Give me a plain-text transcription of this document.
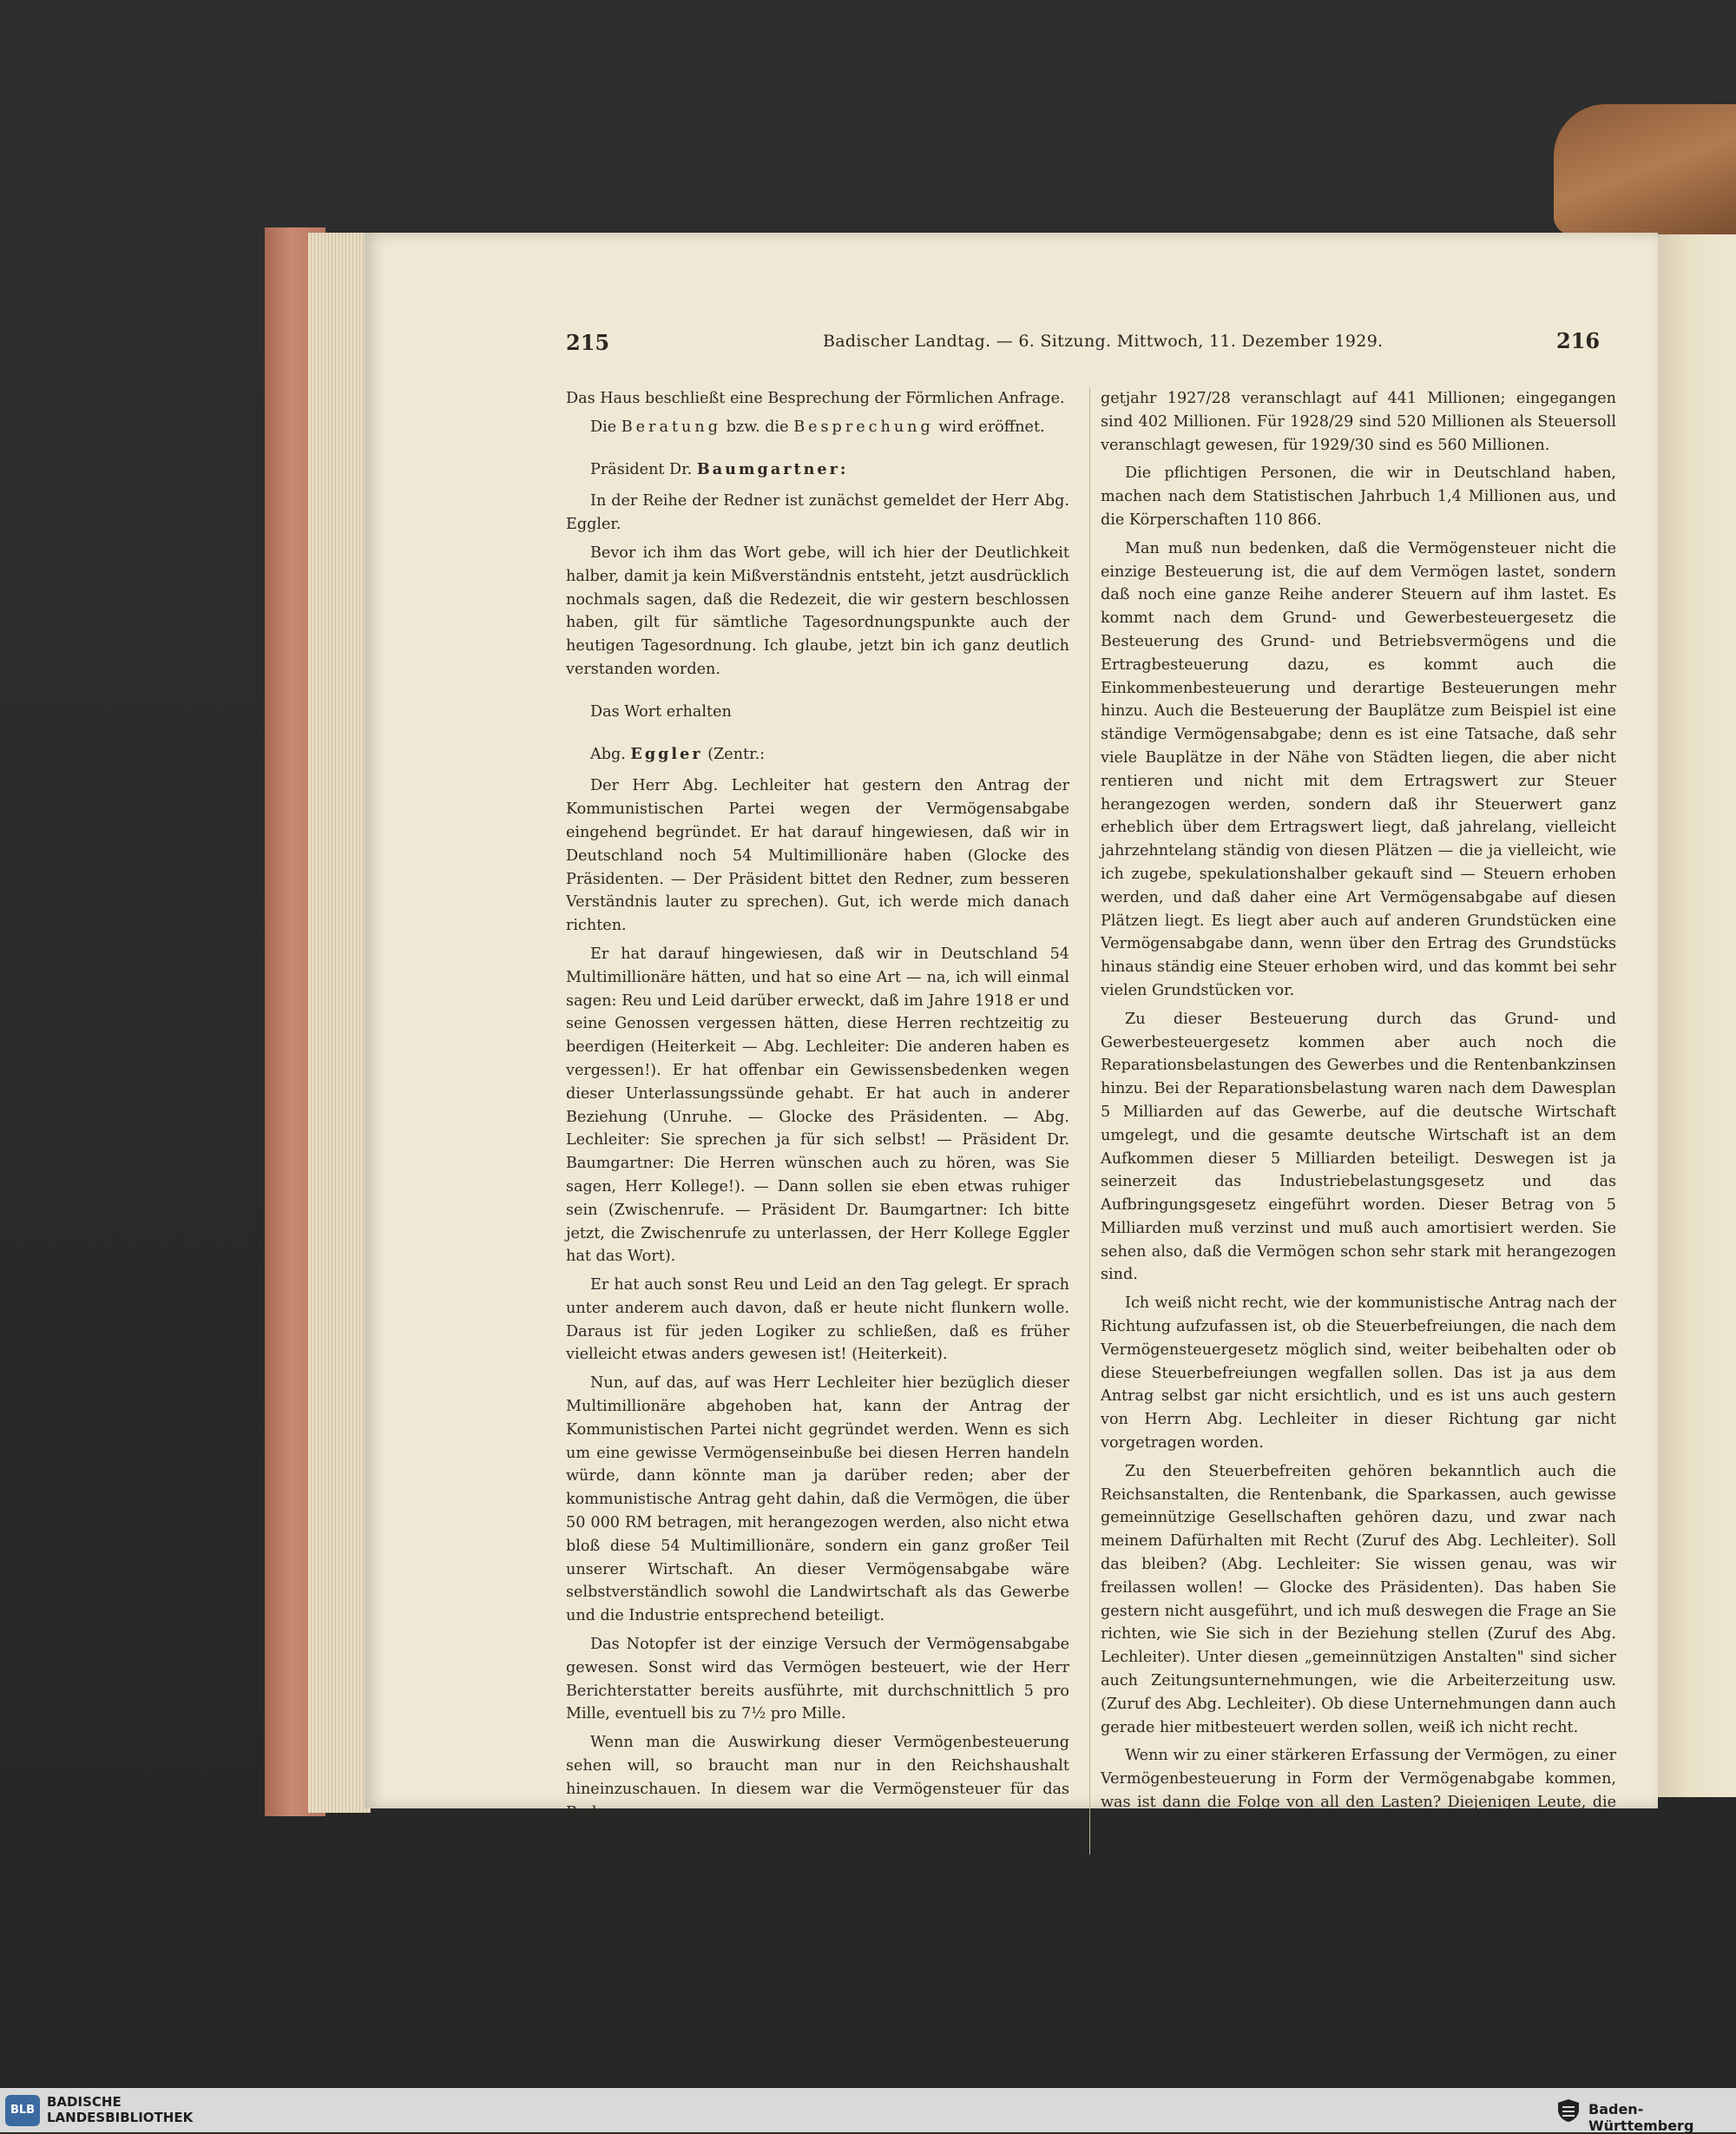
215	Badischer Landtag. — 6. Sitzung. Mittwoch, 11. Dezember 1929.	216

Das Haus beschließt eine Besprechung der Förmlichen Anfrage.

Die Beratung bzw. die Besprechung wird eröffnet.

Präsident Dr. Baumgartner:

In der Reihe der Redner ist zunächst gemeldet der Herr Abg. Eggler.

Bevor ich ihm das Wort gebe, will ich hier der Deutlichkeit halber, damit ja kein Mißverständnis entsteht, jetzt ausdrücklich nochmals sagen, daß die Redezeit, die wir gestern beschlossen haben, gilt für sämtliche Tagesordnungspunkte auch der heutigen Tagesordnung. Ich glaube, jetzt bin ich ganz deutlich verstanden worden.

Das Wort erhalten

Abg. Eggler (Zentr.:

Der Herr Abg. Lechleiter hat gestern den Antrag der Kommunistischen Partei wegen der Vermögensabgabe eingehend begründet. Er hat darauf hingewiesen, daß wir in Deutschland noch 54 Multimillionäre haben (Glocke des Präsidenten. — Der Präsident bittet den Redner, zum besseren Verständnis lauter zu sprechen). Gut, ich werde mich danach richten.

Er hat darauf hingewiesen, daß wir in Deutschland 54 Multimillionäre hätten, und hat so eine Art — na, ich will einmal sagen: Reu und Leid darüber erweckt, daß im Jahre 1918 er und seine Genossen vergessen hätten, diese Herren rechtzeitig zu beerdigen (Heiterkeit — Abg. Lechleiter: Die anderen haben es vergessen!). Er hat offenbar ein Gewissensbedenken wegen dieser Unterlassungssünde gehabt. Er hat auch in anderer Beziehung (Unruhe. — Glocke des Präsidenten. — Abg. Lechleiter: Sie sprechen ja für sich selbst! — Präsident Dr. Baumgartner: Die Herren wünschen auch zu hören, was Sie sagen, Herr Kollege!). — Dann sollen sie eben etwas ruhiger sein (Zwischenrufe. — Präsident Dr. Baumgartner: Ich bitte jetzt, die Zwischenrufe zu unterlassen, der Herr Kollege Eggler hat das Wort).

Er hat auch sonst Reu und Leid an den Tag gelegt. Er sprach unter anderem auch davon, daß er heute nicht flunkern wolle. Daraus ist für jeden Logiker zu schließen, daß es früher vielleicht etwas anders gewesen ist! (Heiterkeit).

Nun, auf das, auf was Herr Lechleiter hier bezüglich dieser Multimillionäre abgehoben hat, kann der Antrag der Kommunistischen Partei nicht gegründet werden. Wenn es sich um eine gewisse Vermögenseinbuße bei diesen Herren handeln würde, dann könnte man ja darüber reden; aber der kommunistische Antrag geht dahin, daß die Vermögen, die über 50 000 RM betragen, mit herangezogen werden, also nicht etwa bloß diese 54 Multimillionäre, sondern ein ganz großer Teil unserer Wirtschaft. An dieser Vermögensabgabe wäre selbstverständlich sowohl die Landwirtschaft als das Gewerbe und die Industrie entsprechend beteiligt.

Das Notopfer ist der einzige Versuch der Vermögensabgabe gewesen. Sonst wird das Vermögen besteuert, wie der Herr Berichterstatter bereits ausführte, mit durchschnittlich 5 pro Mille, eventuell bis zu 7½ pro Mille.

Wenn man die Auswirkung dieser Vermögenbesteuerung sehen will, so braucht man nur in den Reichshaushalt hineinzuschauen. In diesem war die Vermögensteuer für das Bud-

getjahr 1927/28 veranschlagt auf 441 Millionen; eingegangen sind 402 Millionen. Für 1928/29 sind 520 Millionen als Steuersoll veranschlagt gewesen, für 1929/30 sind es 560 Millionen.

Die pflichtigen Personen, die wir in Deutschland haben, machen nach dem Statistischen Jahrbuch 1,4 Millionen aus, und die Körperschaften 110 866.

Man muß nun bedenken, daß die Vermögensteuer nicht die einzige Besteuerung ist, die auf dem Vermögen lastet, sondern daß noch eine ganze Reihe anderer Steuern auf ihm lastet. Es kommt nach dem Grund- und Gewerbesteuergesetz die Besteuerung des Grund- und Betriebsvermögens und die Ertragbesteuerung dazu, es kommt auch die Einkommenbesteuerung und derartige Besteuerungen mehr hinzu. Auch die Besteuerung der Bauplätze zum Beispiel ist eine ständige Vermögensabgabe; denn es ist eine Tatsache, daß sehr viele Bauplätze in der Nähe von Städten liegen, die aber nicht rentieren und nicht mit dem Ertragswert zur Steuer herangezogen werden, sondern daß ihr Steuerwert ganz erheblich über dem Ertragswert liegt, daß jahrelang, vielleicht jahrzehntelang ständig von diesen Plätzen — die ja vielleicht, wie ich zugebe, spekulationshalber gekauft sind — Steuern erhoben werden, und daß daher eine Art Vermögensabgabe auf diesen Plätzen liegt. Es liegt aber auch auf anderen Grundstücken eine Vermögensabgabe dann, wenn über den Ertrag des Grundstücks hinaus ständig eine Steuer erhoben wird, und das kommt bei sehr vielen Grundstücken vor.

Zu dieser Besteuerung durch das Grund- und Gewerbesteuergesetz kommen aber auch noch die Reparationsbelastungen des Gewerbes und die Rentenbankzinsen hinzu. Bei der Reparationsbelastung waren nach dem Dawesplan 5 Milliarden auf das Gewerbe, auf die deutsche Wirtschaft umgelegt, und die gesamte deutsche Wirtschaft ist an dem Aufkommen dieser 5 Milliarden beteiligt. Deswegen ist ja seinerzeit das Industriebelastungsgesetz und das Aufbringungsgesetz eingeführt worden. Dieser Betrag von 5 Milliarden muß verzinst und muß auch amortisiert werden. Sie sehen also, daß die Vermögen schon sehr stark mit herangezogen sind.

Ich weiß nicht recht, wie der kommunistische Antrag nach der Richtung aufzufassen ist, ob die Steuerbefreiungen, die nach dem Vermögensteuergesetz möglich sind, weiter beibehalten oder ob diese Steuerbefreiungen wegfallen sollen. Das ist ja aus dem Antrag selbst gar nicht ersichtlich, und es ist uns auch gestern von Herrn Abg. Lechleiter in dieser Richtung gar nicht vorgetragen worden.

Zu den Steuerbefreiten gehören bekanntlich auch die Reichsanstalten, die Rentenbank, die Sparkassen, auch gewisse gemeinnützige Gesellschaften gehören dazu, und zwar nach meinem Dafürhalten mit Recht (Zuruf des Abg. Lechleiter). Soll das bleiben? (Abg. Lechleiter: Sie wissen genau, was wir freilassen wollen! — Glocke des Präsidenten). Das haben Sie gestern nicht ausgeführt, und ich muß deswegen die Frage an Sie richten, wie Sie sich in der Beziehung stellen (Zuruf des Abg. Lechleiter). Unter diesen „gemeinnützigen Anstalten" sind sicher auch Zeitungsunternehmungen, wie die Arbeiterzeitung usw. (Zuruf des Abg. Lechleiter). Ob diese Unternehmungen dann auch gerade hier mitbesteuert werden sollen, weiß ich nicht recht.

Wenn wir zu einer stärkeren Erfassung der Vermögen, zu einer Vermögenbesteuerung in Form der Vermögenabgabe kommen, was ist dann die Folge von all den Lasten? Diejenigen Leute, die Grund und Boden haben, können sich selbstverständlich der Besteuerung und der Erhebung dieser Ver-

BLB
BADISCHE
LANDESBIBLIOTHEK	Baden-Württemberg
